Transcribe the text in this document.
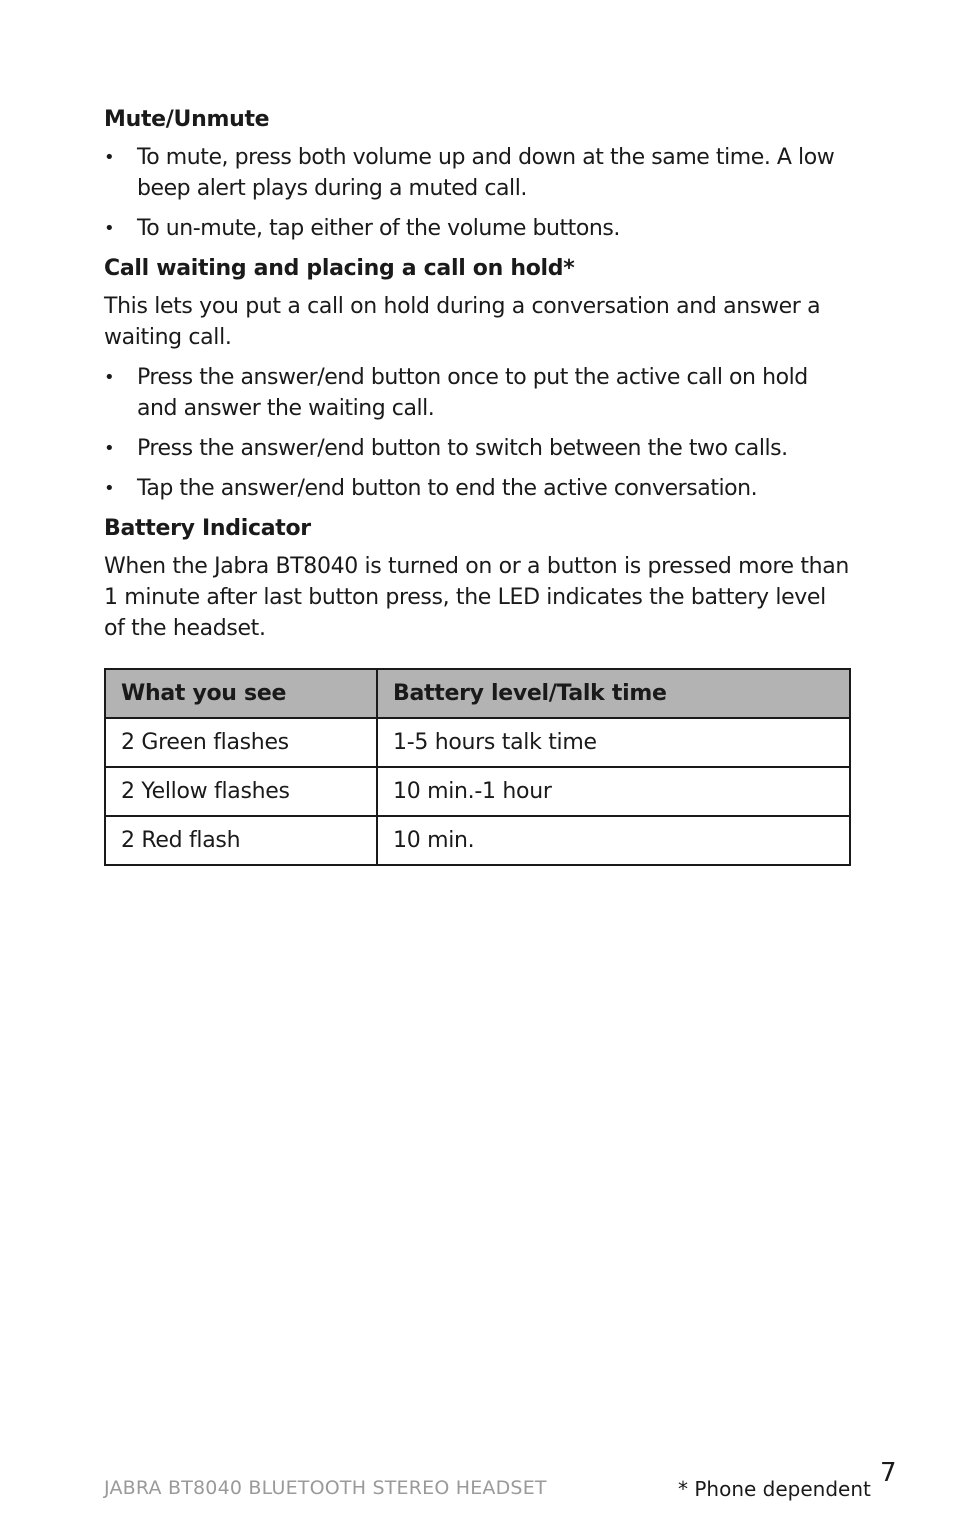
Mute/Unmute
• To mute, press both volume up and down at the same time. A low beep alert plays during a muted call.
• To un-mute, tap either of the volume buttons.
Call waiting and placing a call on hold*
This lets you put a call on hold during a conversation and answer a waiting call.
• Press the answer/end button once to put the active call on hold and answer the waiting call.
• Press the answer/end button to switch between the two calls.
• Tap the answer/end button to end the active conversation.
Battery Indicator
When the Jabra BT8040 is turned on or a button is pressed more than 1 minute after last button press, the LED indicates the battery level of the headset.
What you see	Battery level/Talk time
2 Green flashes	1-5 hours talk time
2 Yellow flashes	10 min.-1 hour
2 Red flash	10 min.
JABRA BT8040 BLUETOOTH STEREO HEADSET	* Phone dependent
7
